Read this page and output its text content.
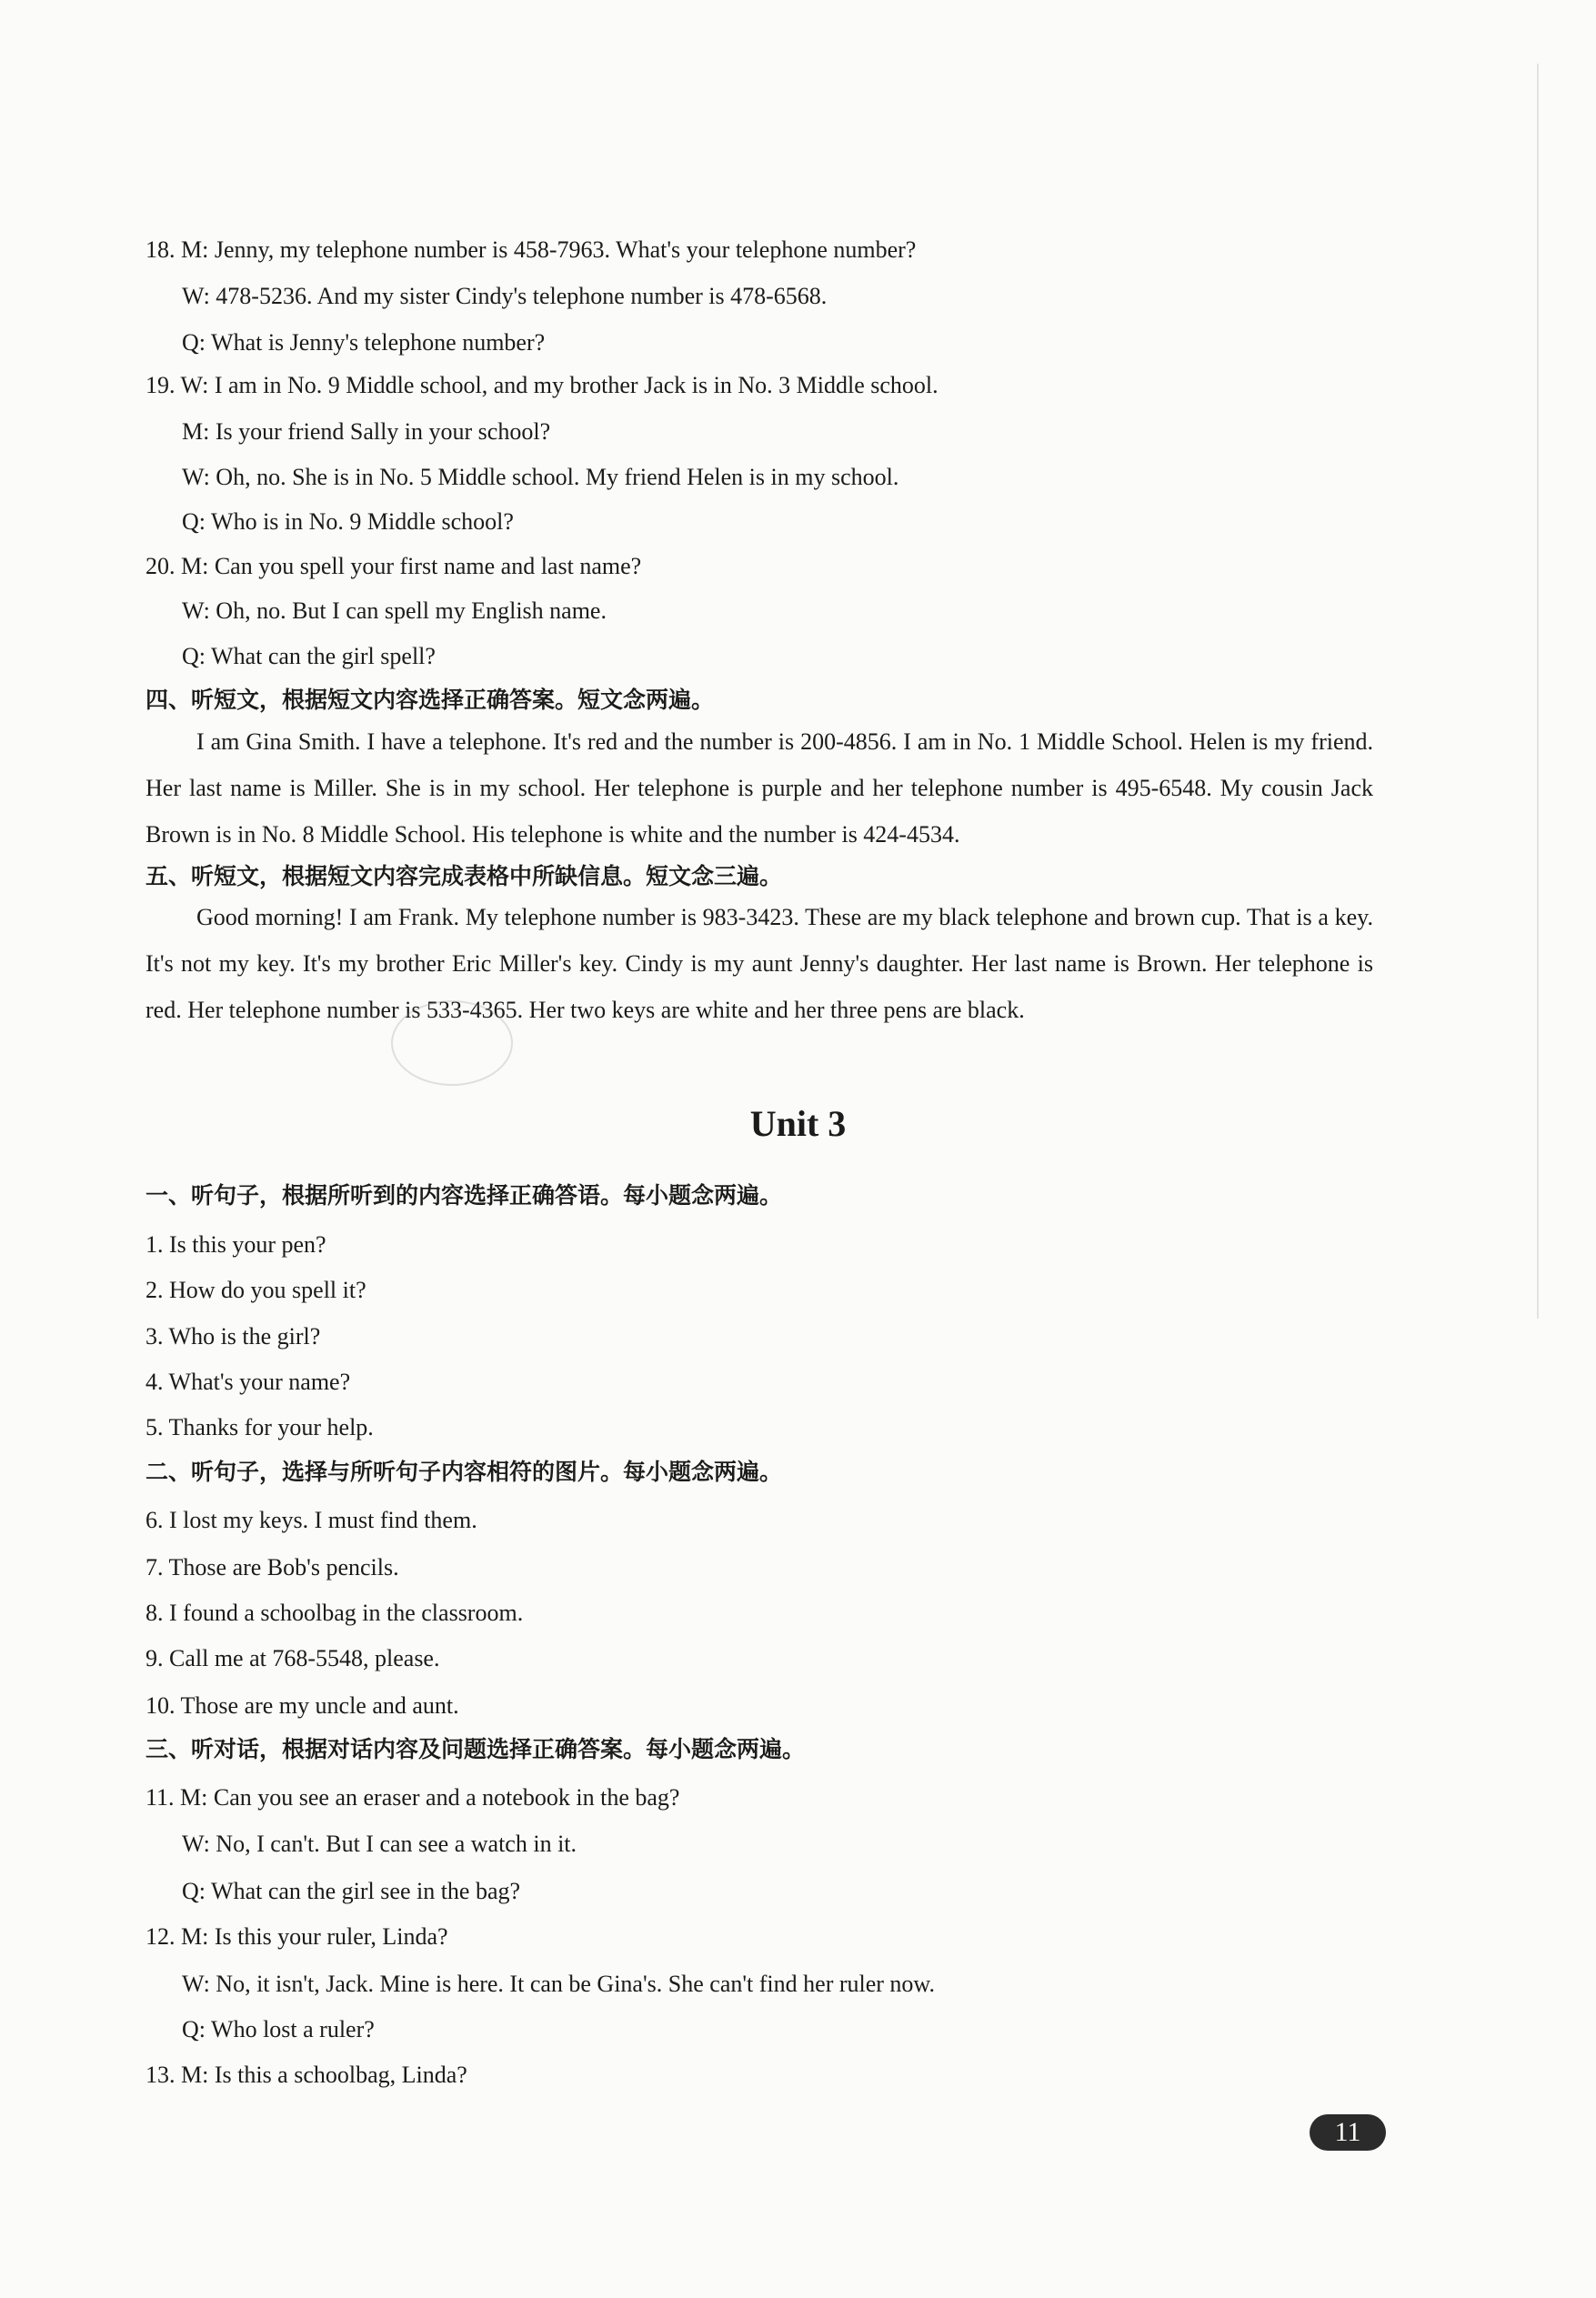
18. M: Jenny, my telephone number is 458-7963. What's your telephone number?
W: 478-5236. And my sister Cindy's telephone number is 478-6568.
Q: What is Jenny's telephone number?
19. W: I am in No. 9 Middle school, and my brother Jack is in No. 3 Middle school.
M: Is your friend Sally in your school?
W: Oh, no. She is in No. 5 Middle school. My friend Helen is in my school.
Q: Who is in No. 9 Middle school?
20. M: Can you spell your first name and last name?
W: Oh, no. But I can spell my English name.
Q: What can the girl spell?
四、听短文，根据短文内容选择正确答案。短文念两遍。
I am Gina Smith. I have a telephone. It's red and the number is 200-4856. I am in No. 1 Middle School. Helen is my friend. Her last name is Miller. She is in my school. Her telephone is purple and her telephone number is 495-6548. My cousin Jack Brown is in No. 8 Middle School. His telephone is white and the number is 424-4534.
五、听短文，根据短文内容完成表格中所缺信息。短文念三遍。
Good morning! I am Frank. My telephone number is 983-3423. These are my black telephone and brown cup. That is a key. It's not my key. It's my brother Eric Miller's key. Cindy is my aunt Jenny's daughter. Her last name is Brown. Her telephone is red. Her telephone number is 533-4365. Her two keys are white and her three pens are black.
Unit 3
一、听句子，根据所听到的内容选择正确答语。每小题念两遍。
1. Is this your pen?
2. How do you spell it?
3. Who is the girl?
4. What's your name?
5. Thanks for your help.
二、听句子，选择与所听句子内容相符的图片。每小题念两遍。
6. I lost my keys. I must find them.
7. Those are Bob's pencils.
8. I found a schoolbag in the classroom.
9. Call me at 768-5548, please.
10. Those are my uncle and aunt.
三、听对话，根据对话内容及问题选择正确答案。每小题念两遍。
11. M: Can you see an eraser and a notebook in the bag?
W: No, I can't. But I can see a watch in it.
Q: What can the girl see in the bag?
12. M: Is this your ruler, Linda?
W: No, it isn't, Jack. Mine is here. It can be Gina's. She can't find her ruler now.
Q: Who lost a ruler?
13. M: Is this a schoolbag, Linda?
11
